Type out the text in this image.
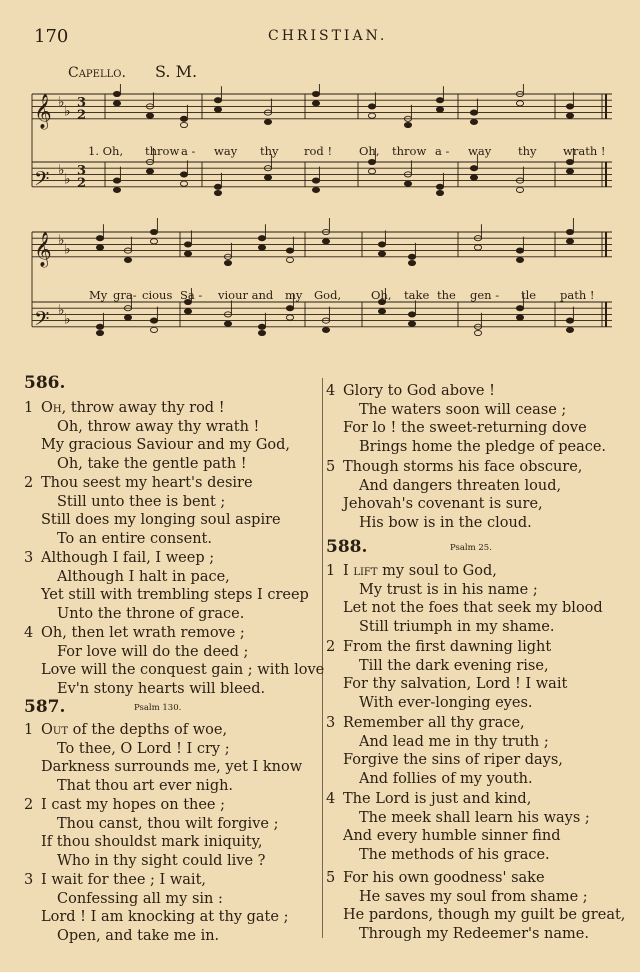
170	CHRISTIAN.
Capello. S. M.
𝄞 ♭
♭
3
2
𝄢 ♭
♭
3
2
𝄞 ♭
♭
𝄢 ♭
♭
1. Oh, throw a - way thy rod ! Oh, throw a - way thy wrath !
My gra- cious Sa - viour and my God,	Oh, take the gen - tle path !
586.
1 Oh, throw away thy rod !
Oh, throw away thy wrath !
My gracious Saviour and my God,
Oh, take the gentle path !
2 Thou seest my heart's desire
Still unto thee is bent ;
Still does my longing soul aspire
To an entire consent.
3 Although I fail, I weep ;
Although I halt in pace,
Yet still with trembling steps I creep
Unto the throne of grace.
4 Oh, then let wrath remove ;
For love will do the deed ;
Love will the conquest gain ; with love
Ev'n stony hearts will bleed.
587.	Psalm 130.
1 Out of the depths of woe,
To thee, O Lord ! I cry ;
Darkness surrounds me, yet I know
That thou art ever nigh.
2 I cast my hopes on thee ;
Thou canst, thou wilt forgive ;
If thou shouldst mark iniquity,
Who in thy sight could live ?
3 I wait for thee ; I wait,
Confessing all my sin :
Lord ! I am knocking at thy gate ;
Open, and take me in.
4 Glory to God above !
The waters soon will cease ;
For lo ! the sweet-returning dove
Brings home the pledge of peace.
5 Though storms his face obscure,
And dangers threaten loud,
Jehovah's covenant is sure,
His bow is in the cloud.
588.	Psalm 25.
1 I lift my soul to God,
My trust is in his name ;
Let not the foes that seek my blood
Still triumph in my shame.
2 From the first dawning light
Till the dark evening rise,
For thy salvation, Lord ! I wait
With ever-longing eyes.
3 Remember all thy grace,
And lead me in thy truth ;
Forgive the sins of riper days,
And follies of my youth.
4 The Lord is just and kind,
The meek shall learn his ways ;
And every humble sinner find
The methods of his grace.
5 For his own goodness' sake
He saves my soul from shame ;
He pardons, though my guilt be great,
Through my Redeemer's name.
